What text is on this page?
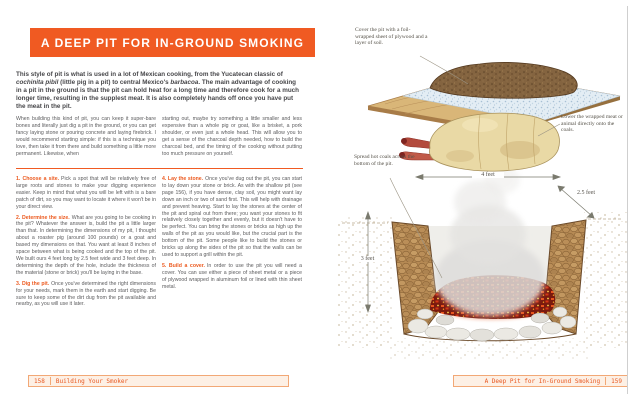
A DEEP PIT FOR IN-GROUND SMOKING

This style of pit is what is used in a lot of Mexican cooking, from the Yucatecan classic of cochinita pibil (little pig in a pit) to central Mexico's barbacoa. The main advantage of cooking in a pit in the ground is that the pit can hold heat for a long time and therefore cook for a much longer time, resulting in the supplest meat. It is also completely hands off once you have put the meat in the pit.

When building this kind of pit, you can keep it super-bare bones and literally just dig a pit in the ground, or you can get fancy laying stone or pouring concrete and laying firebrick. I would recommend starting simple: if this is a technique you love, then take it from there and build something a little more permanent. Likewise, when

starting out, maybe try something a little smaller and less expensive than a whole pig or goat, like a brisket, a pork shoulder, or even just a whole head. This will allow you to get a sense of the charcoal depth needed, how to build the charcoal bed, and the timing of the cooking without putting too much pressure on yourself.

1. Choose a site. Pick a spot that will be relatively free of large roots and stones to make your digging experience easier. Keep in mind that what you will be left with is a bare patch of dirt, so you may want to locate it where it won't be in your direct view.

2. Determine the size. What are you going to be cooking in the pit? Whatever the answer is, build the pit a little larger than that. In determining the dimensions of my pit, I thought about a roaster pig (around 100 pounds) or a goat and based my dimensions on that. You want at least 8 inches of space between what is being cooked and the top of the pit. We built ours 4 feet long by 2.5 feet wide and 3 feet deep. In determining the depth of the hole, include the thickness of the material (stone or brick) you'll be laying in the base.

3. Dig the pit. Once you've determined the right dimensions for your needs, mark them in the earth and start digging. Be sure to keep some of the dirt dug from the pit available and nearby, as you will use it later.

4. Lay the stone. Once you've dug out the pit, you can start to lay down your stone or brick. As with the shallow pit (see page 156), if you have dense, clay soil, you might want lay down an inch or two of sand first. This will help with drainage and prevent heaving. Start to lay the stones at the center of the pit and spiral out from there; you want your stones to fit relatively closely together and evenly, but it doesn't have to be perfect. You can bring the stones or bricks as high up the walls of the pit as you would like, but the crucial part is the bottom of the pit. Some people like to build the stones or bricks up along the sides of the pit so that the walls can be used to support a grill within the pit.

5. Build a cover. In order to use the pit you will need a cover. You can use either a piece of sheet metal or a piece of plywood wrapped in aluminum foil or lined with thin sheet metal.

158 Building Your Smoker
Cover the pit with a foil-wrapped sheet of plywood and a layer of soil.
Lower the wrapped meat or animal directly onto the coals.
Spread hot coals across the bottom of the pit.
4 feet
2.5 feet
3 feet
A Deep Pit for In-Ground Smoking 159
